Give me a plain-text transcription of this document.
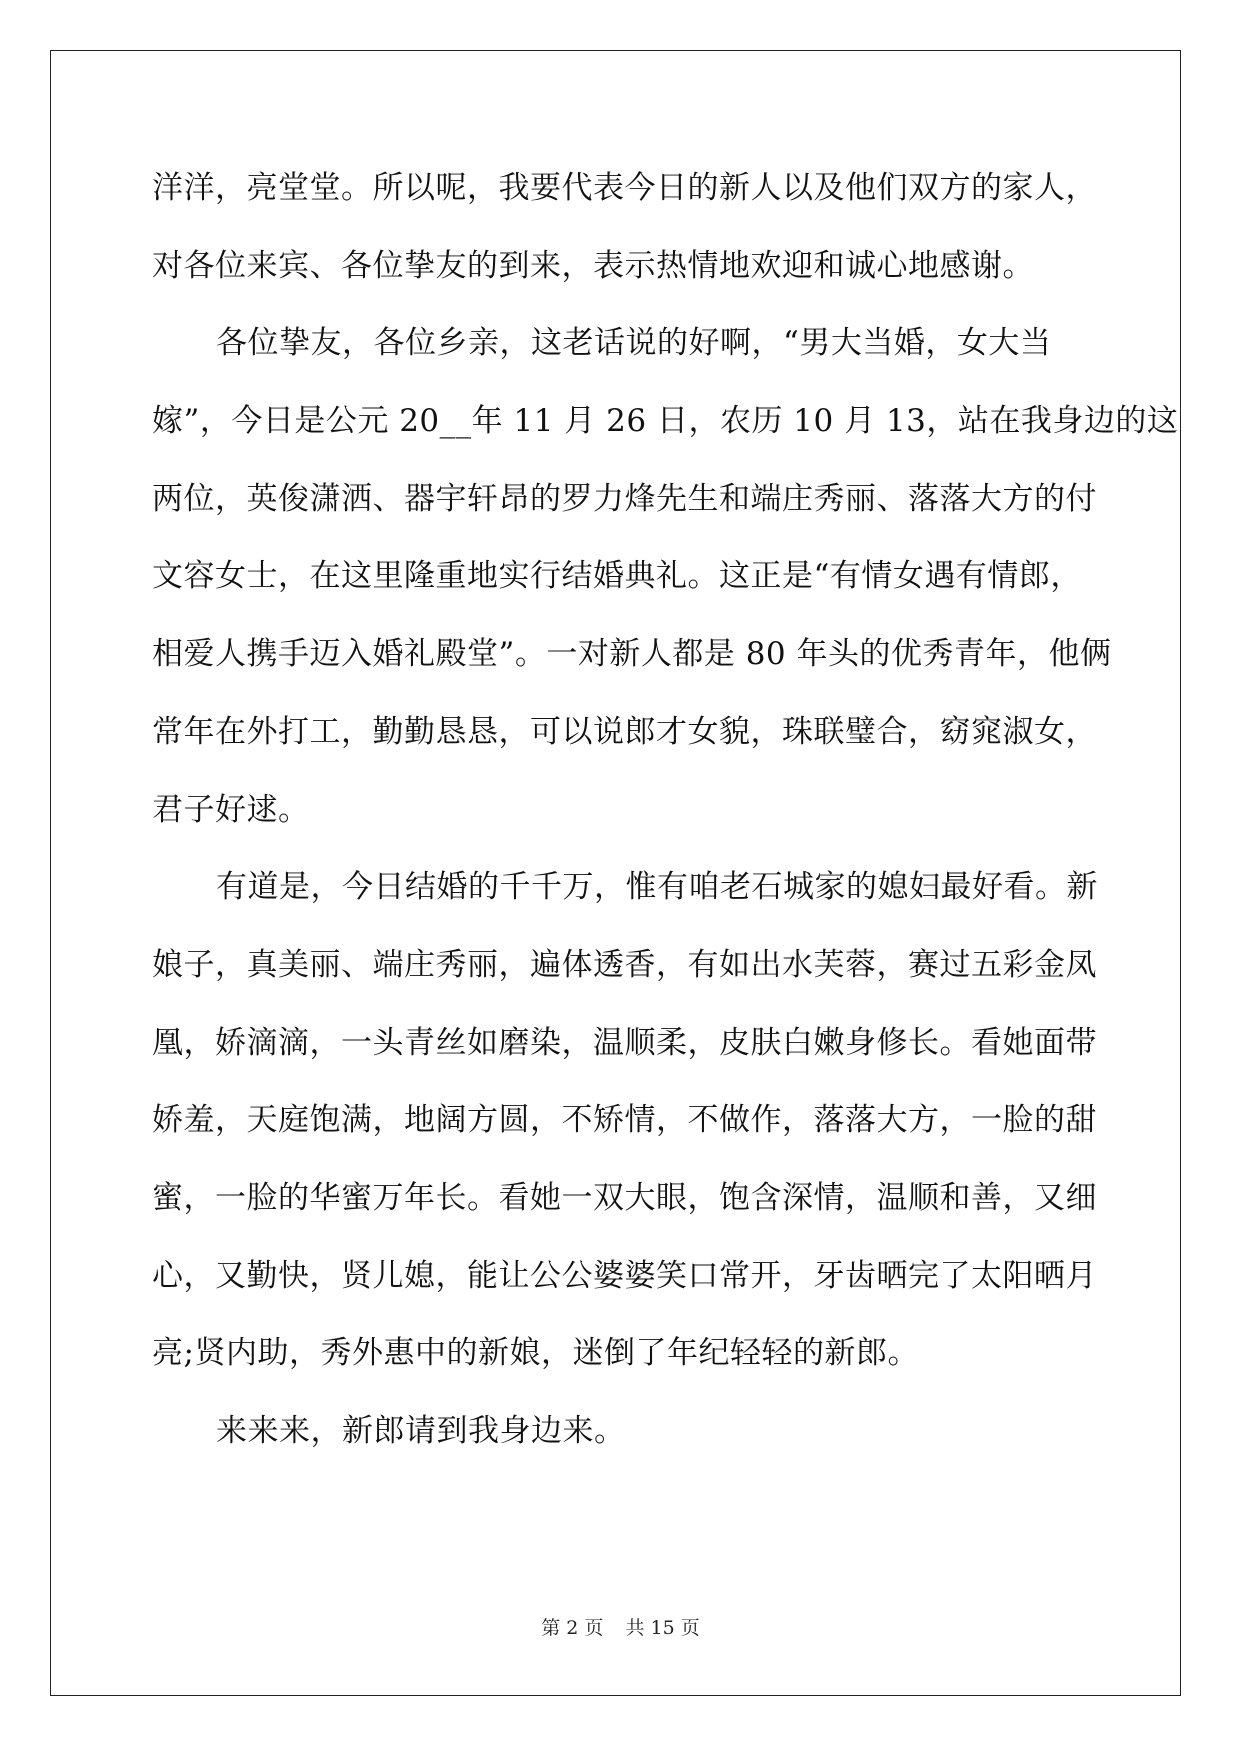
洋洋，亮堂堂。所以呢，我要代表今日的新人以及他们双方的家人，
对各位来宾、各位挚友的到来，表示热情地欢迎和诚心地感谢。
各位挚友，各位乡亲，这老话说的好啊，“男大当婚，女大当
嫁”，今日是公元 20__年 11 月 26 日，农历 10 月 13，站在我身边的这
两位，英俊潇洒、器宇轩昂的罗力烽先生和端庄秀丽、落落大方的付
文容女士，在这里隆重地实行结婚典礼。这正是“有情女遇有情郎，
相爱人携手迈入婚礼殿堂”。一对新人都是 80 年头的优秀青年，他俩
常年在外打工，勤勤恳恳，可以说郎才女貌，珠联璧合，窈窕淑女，
君子好逑。
有道是，今日结婚的千千万，惟有咱老石城家的媳妇最好看。新
娘子，真美丽、端庄秀丽，遍体透香，有如出水芙蓉，赛过五彩金凤
凰，娇滴滴，一头青丝如磨染，温顺柔，皮肤白嫩身修长。看她面带
娇羞，天庭饱满，地阔方圆，不矫情，不做作，落落大方，一脸的甜
蜜，一脸的华蜜万年长。看她一双大眼，饱含深情，温顺和善，又细
心，又勤快，贤儿媳，能让公公婆婆笑口常开，牙齿晒完了太阳晒月
亮;贤内助，秀外惠中的新娘，迷倒了年纪轻轻的新郎。
来来来，新郎请到我身边来。
第 2 页 共 15 页
